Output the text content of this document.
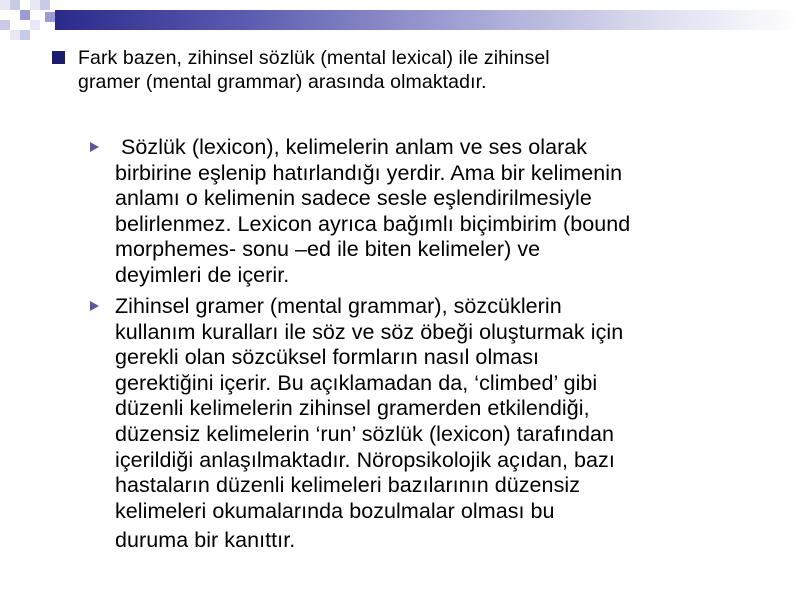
Fark bazen, zihinsel sözlük (mental lexical) ile zihinsel
gramer (mental grammar) arasında olmaktadır.
Sözlük (lexicon), kelimelerin anlam ve ses olarak
birbirine eşlenip hatırlandığı yerdir. Ama bir kelimenin
anlamı o kelimenin sadece sesle eşlendirilmesiyle
belirlenmez. Lexicon ayrıca bağımlı biçimbirim (bound
morphemes- sonu –ed ile biten kelimeler) ve
deyimleri de içerir.
Zihinsel gramer (mental grammar), sözcüklerin
kullanım kuralları ile söz ve söz öbeği oluşturmak için
gerekli olan sözcüksel formların nasıl olması
gerektiğini içerir. Bu açıklamadan da, ‘climbed’ gibi
düzenli kelimelerin zihinsel gramerden etkilendiği,
düzensiz kelimelerin ‘run’ sözlük (lexicon) tarafından
içerildiği anlaşılmaktadır. Nöropsikolojik açıdan, bazı
hastaların düzenli kelimeleri bazılarının düzensiz
kelimeleri okumalarında bozulmalar olması bu
duruma bir kanıttır.
